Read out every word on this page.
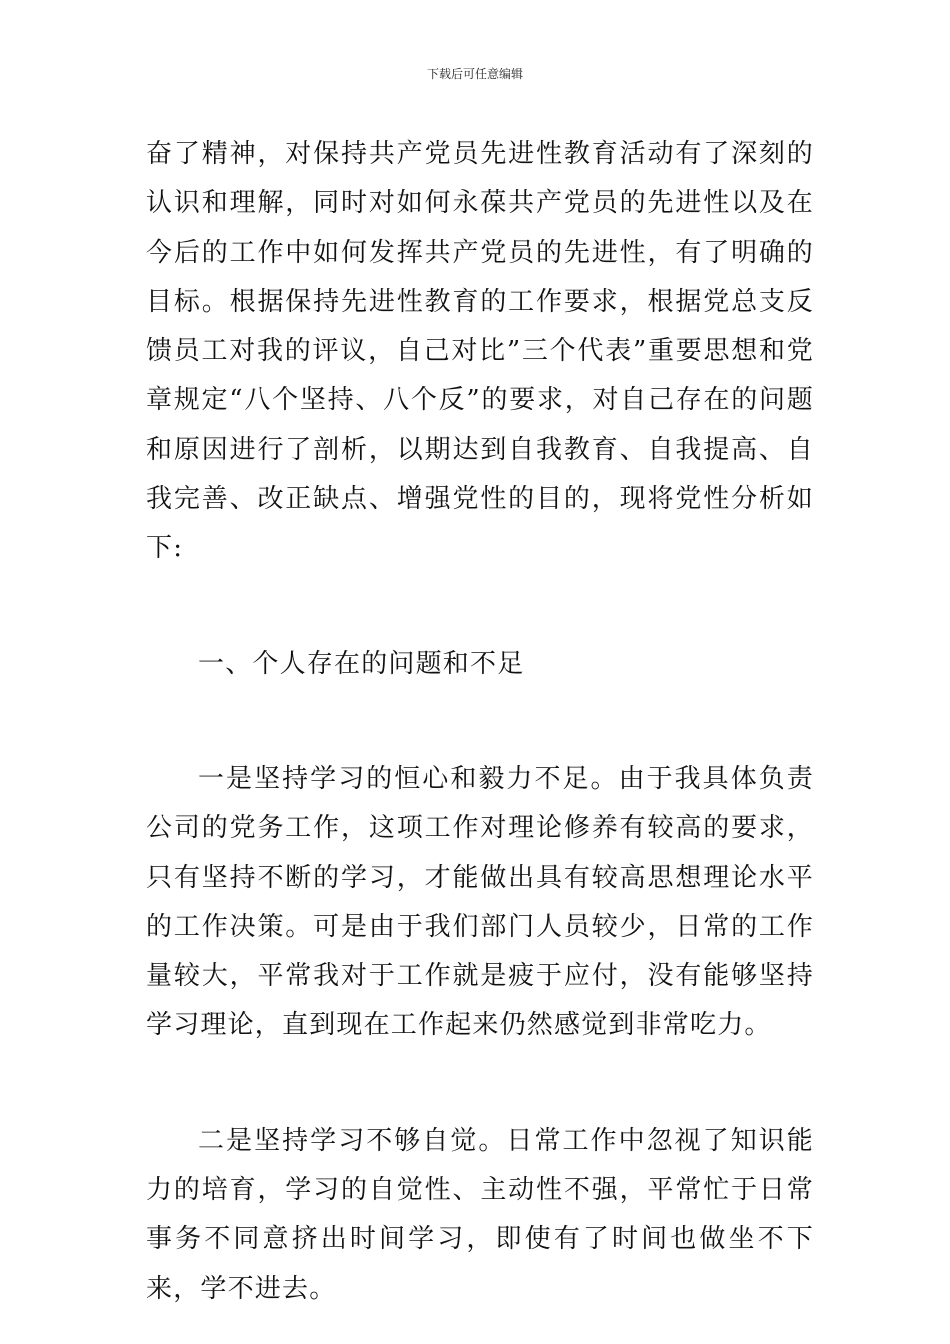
下载后可任意编辑

奋了精神，对保持共产党员先进性教育活动有了深刻的认识和理解，同时对如何永葆共产党员的先进性以及在今后的工作中如何发挥共产党员的先进性，有了明确的目标。根据保持先进性教育的工作要求，根据党总支反馈员工对我的评议，自己对比”三个代表”重要思想和党章规定“八个坚持、八个反”的要求，对自己存在的问题和原因进行了剖析，以期达到自我教育、自我提高、自我完善、改正缺点、增强党性的目的，现将党性分析如下:

一、个人存在的问题和不足

一是坚持学习的恒心和毅力不足。由于我具体负责公司的党务工作，这项工作对理论修养有较高的要求，只有坚持不断的学习，才能做出具有较高思想理论水平的工作决策。可是由于我们部门人员较少，日常的工作量较大，平常我对于工作就是疲于应付，没有能够坚持学习理论，直到现在工作起来仍然感觉到非常吃力。

二是坚持学习不够自觉。日常工作中忽视了知识能力的培育，学习的自觉性、主动性不强，平常忙于日常事务不同意挤出时间学习，即使有了时间也做坐不下来，学不进去。
